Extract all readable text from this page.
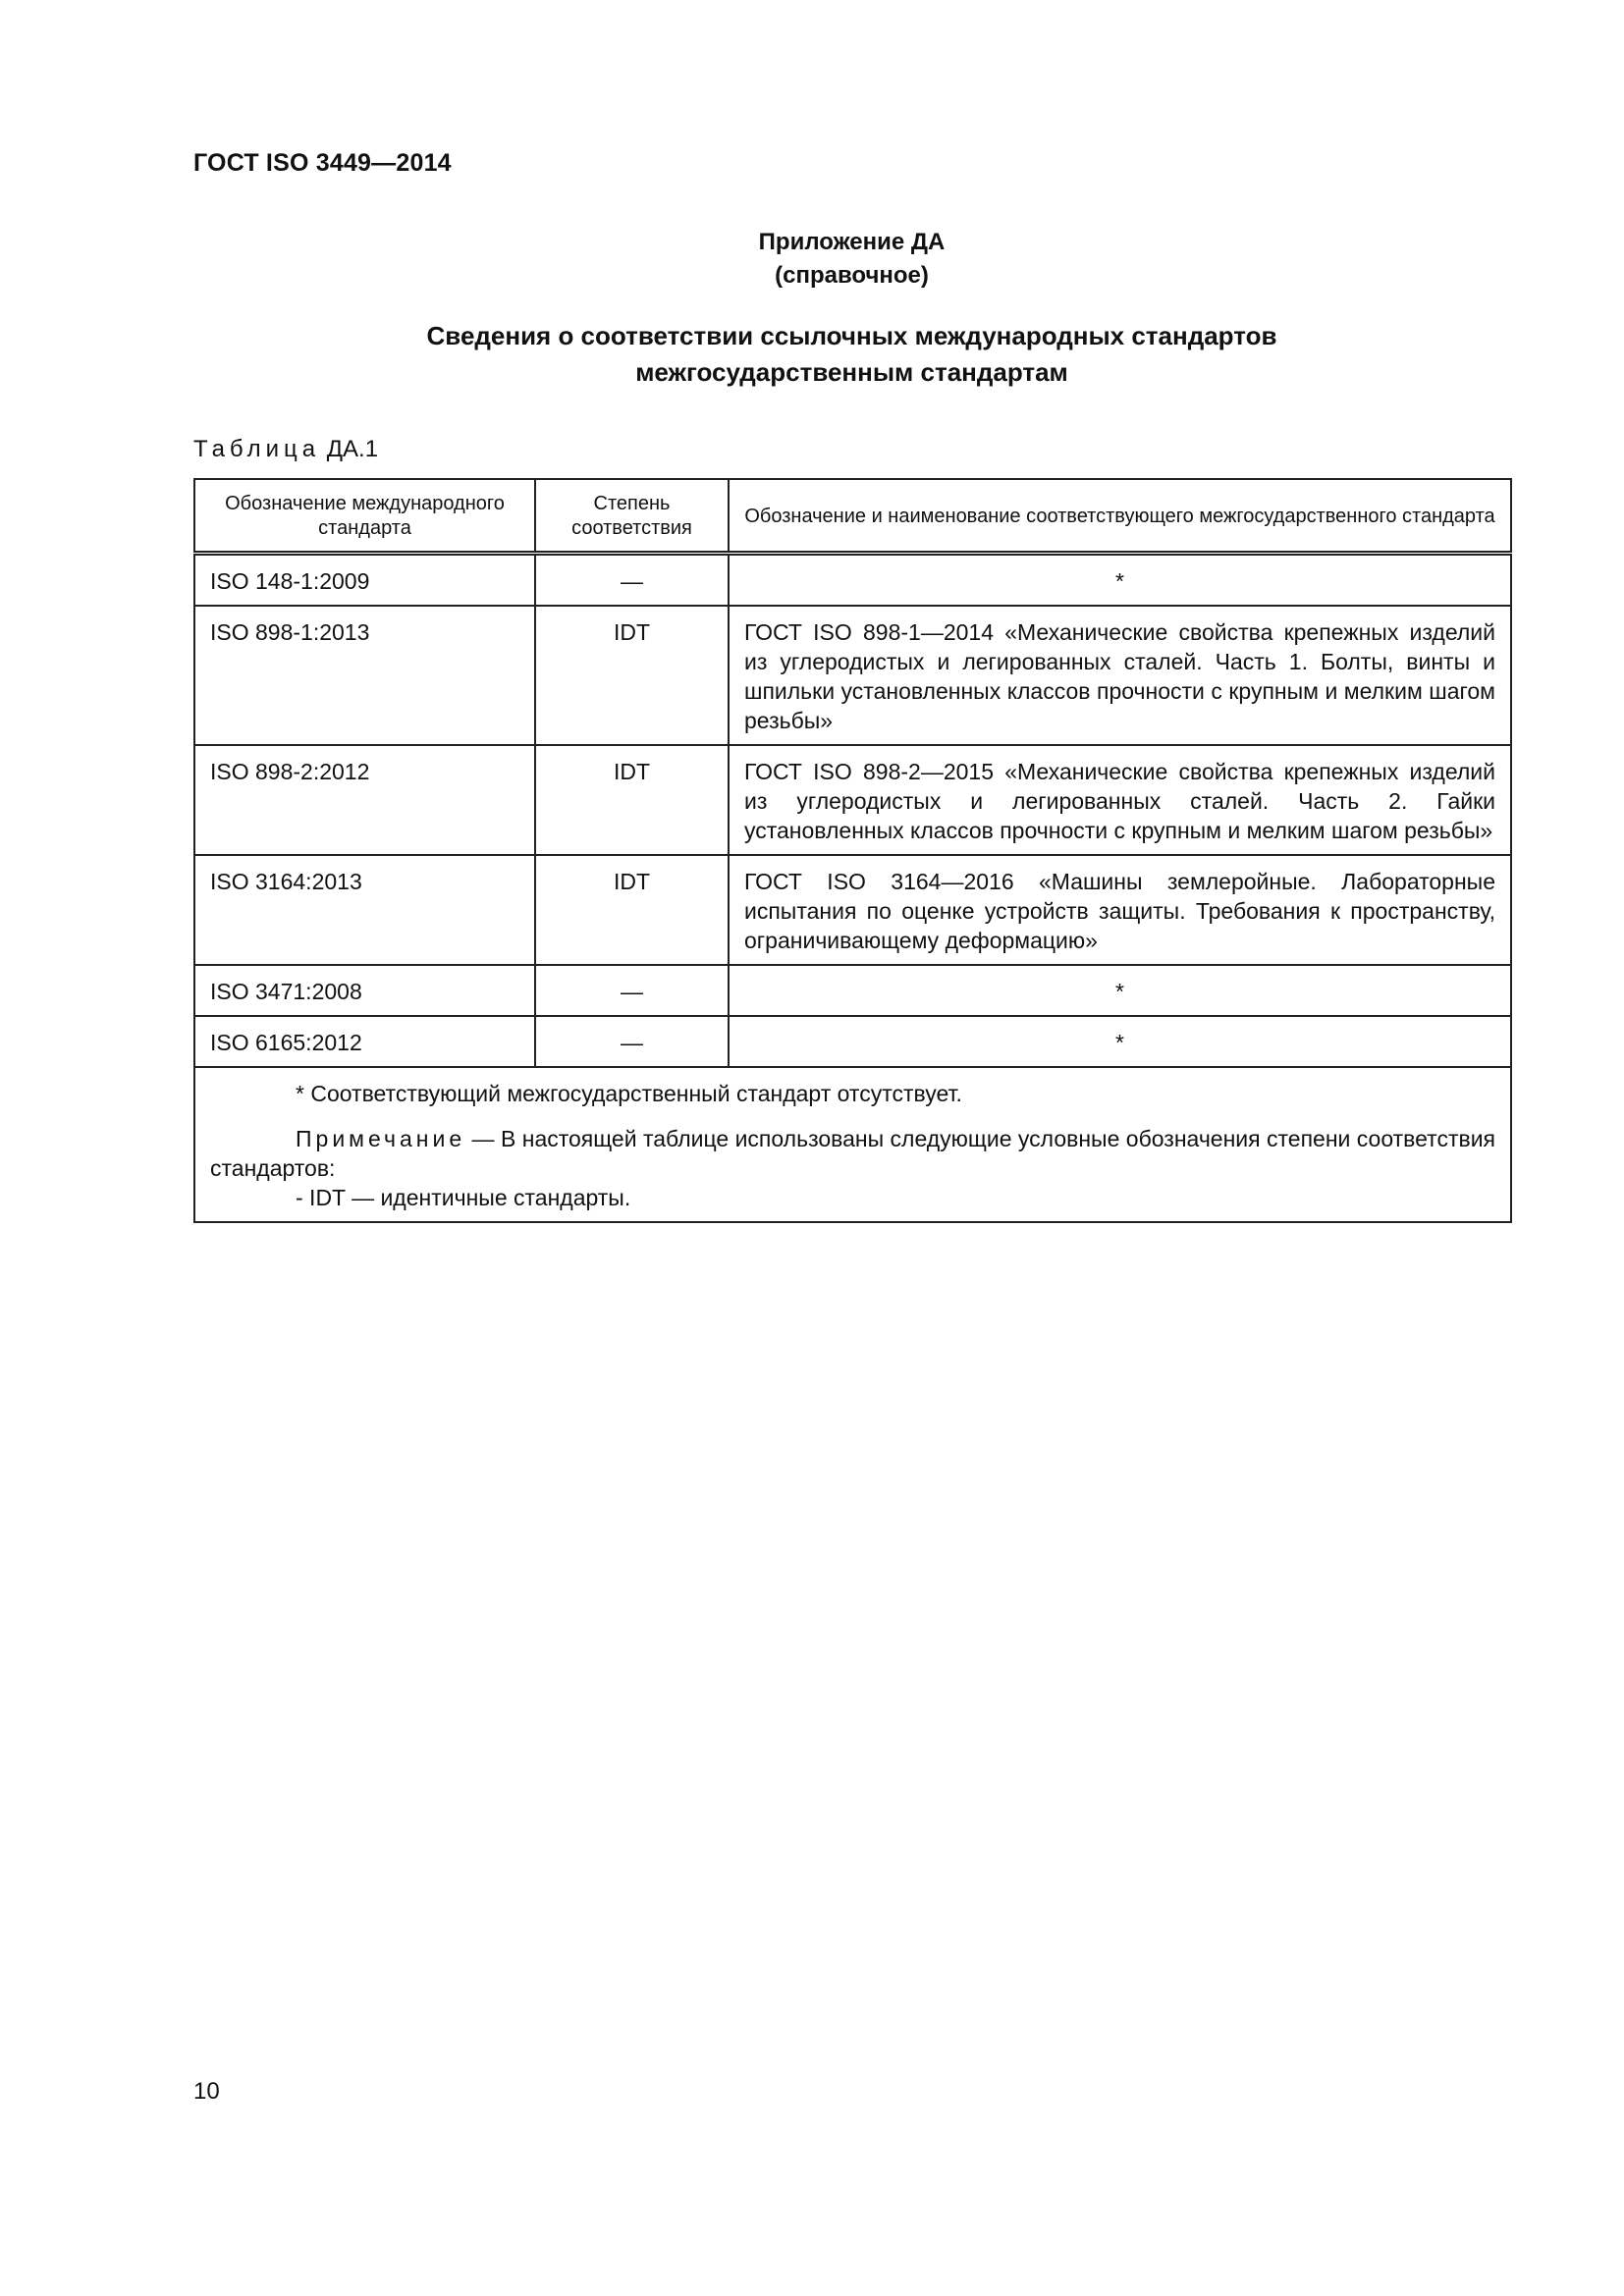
ГОСТ ISO 3449—2014
Приложение ДА
(справочное)
Сведения о соответствии ссылочных международных стандартов
межгосударственным стандартам
Таблица ДА.1
Обозначение международного стандарта	Степень соответствия	Обозначение и наименование соответствующего межгосударственного стандарта
ISO 148-1:2009	—	*
ISO 898-1:2013	IDT	ГОСТ ISO 898-1—2014 «Механические свойства крепежных изделий из углеродистых и легированных сталей. Часть 1. Болты, винты и шпильки установленных классов прочности с крупным и мелким шагом резьбы»
ISO 898-2:2012	IDT	ГОСТ ISO 898-2—2015 «Механические свойства крепежных изделий из углеродистых и легированных сталей. Часть 2. Гайки установленных классов прочности с крупным и мелким шагом резьбы»
ISO 3164:2013	IDT	ГОСТ ISO 3164—2016 «Машины землеройные. Лабораторные испытания по оценке устройств защиты. Требования к пространству, ограничивающему деформацию»
ISO 3471:2008	—	*
ISO 6165:2012	—	*

* Соответствующий межгосударственный стандарт отсутствует.

Примечание — В настоящей таблице использованы следующие условные обозначения степени соответствия стандартов:

- IDT — идентичные стандарты.		

10
